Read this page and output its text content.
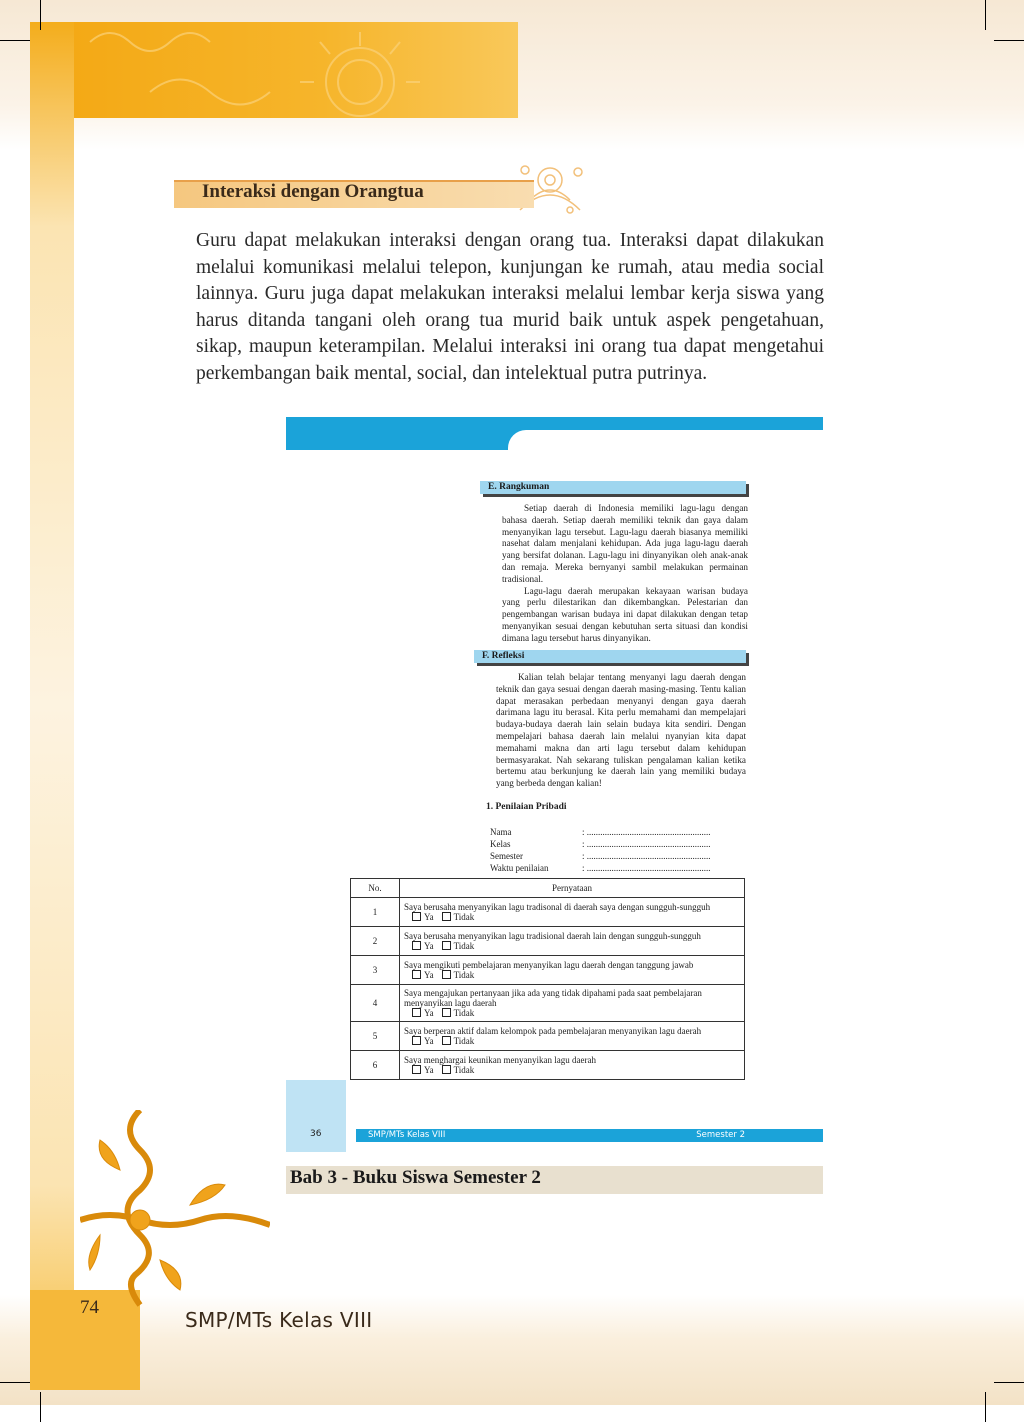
Interaksi dengan Orangtua
Guru dapat melakukan interaksi dengan orang tua. Interaksi dapat dilakukan melalui komunikasi melalui telepon, kunjungan ke rumah, atau media social lainnya. Guru juga dapat melakukan interaksi melalui lembar kerja siswa yang harus ditanda tangani oleh orang tua murid baik untuk aspek pengetahuan, sikap, maupun keterampilan. Melalui interaksi ini orang tua dapat mengetahui perkembangan baik mental, social, dan intelektual putra putrinya.
E. Rangkuman

Setiap daerah di Indonesia memiliki lagu-lagu dengan bahasa daerah. Setiap daerah memiliki teknik dan gaya dalam menyanyikan lagu tersebut. Lagu-lagu daerah biasanya memiliki nasehat dalam menjalani kehidupan. Ada juga lagu-lagu daerah yang bersifat dolanan. Lagu-lagu ini dinyanyikan oleh anak-anak dan remaja. Mereka bernyanyi sambil melakukan permainan tradisional.

Lagu-lagu daerah merupakan kekayaan warisan budaya yang perlu dilestarikan dan dikembangkan. Pelestarian dan pengembangan warisan budaya ini dapat dilakukan dengan tetap menyanyikan sesuai dengan kebutuhan serta situasi dan kondisi dimana lagu tersebut harus dinyanyikan.

F. Refleksi

Kalian telah belajar tentang menyanyi lagu daerah dengan teknik dan gaya sesuai dengan daerah masing-masing. Tentu kalian dapat merasakan perbedaan menyanyi dengan gaya daerah darimana lagu itu berasal. Kita perlu memahami dan mempelajari budaya-budaya daerah lain selain budaya kita sendiri. Dengan mempelajari bahasa daerah lain melalui nyanyian kita dapat memahami makna dan arti lagu tersebut dalam kehidupan bermasyarakat. Nah sekarang tuliskan pengalaman kalian ketika bertemu atau berkunjung ke daerah lain yang memiliki budaya yang berbeda dengan kalian!

1. Penilaian Pribadi
Nama	: .......................................................
Kelas	: .......................................................
Semester	: .......................................................
Waktu penilaian	: .......................................................
No.	Pernyataan
1	Saya berusaha menyanyikan lagu tradisonal di daerah saya dengan sungguh-sungguh
Ya Tidak
2	Saya berusaha menyanyikan lagu tradisional daerah lain dengan sungguh-sungguh
Ya Tidak
3	Saya mengikuti pembelajaran menyanyikan lagu daerah dengan tanggung jawab
Ya Tidak
4	Saya mengajukan pertanyaan jika ada yang tidak dipahami pada saat pembelajaran menyanyikan lagu daerah
Ya Tidak
5	Saya berperan aktif dalam kelompok pada pembelajaran menyanyikan lagu daerah
Ya Tidak
6	Saya menghargai keunikan menyanyikan lagu daerah
Ya Tidak
36	SMP/MTs Kelas VIII	Semester 2
Bab 3 - Buku Siswa Semester 2
74
SMP/MTs Kelas VIII
